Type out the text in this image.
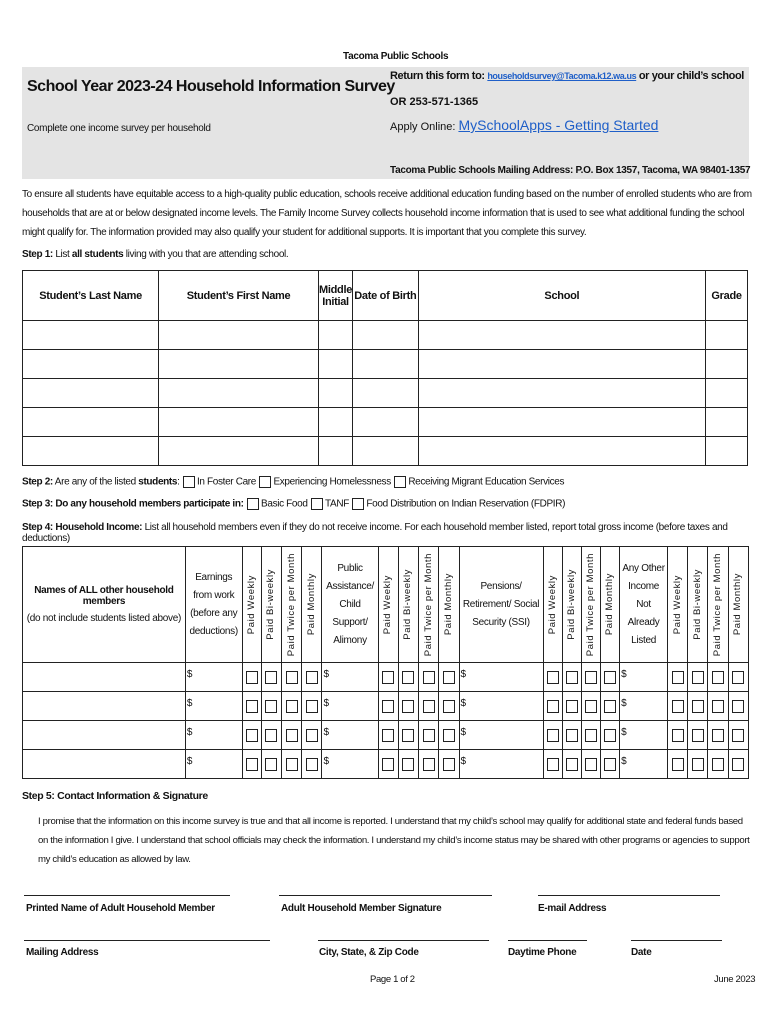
Tacoma Public Schools
School Year 2023-24 Household Information Survey
Complete one income survey per household
Return this form to: householdsurvey@Tacoma.k12.wa.us or your child’s school
OR 253-571-1365
Apply Online: MySchoolApps - Getting Started
Tacoma Public Schools Mailing Address: P.O. Box 1357, Tacoma, WA 98401-1357
To ensure all students have equitable access to a high-quality public education, schools receive additional education funding based on the number of enrolled students who are from households that are at or below designated income levels. The Family Income Survey collects household income information that is used to see what additional funding the school might qualify for. The information provided may also qualify your student for additional supports. It is important that you complete this survey.
Step 1: List all students living with you that are attending school.
Student’s Last Name	Student’s First Name	Middle Initial	Date of Birth	School	Grade

Step 2: Are any of the listed students: In Foster Care Experiencing Homelessness Receiving Migrant Education Services
Step 3: Do any household members participate in: Basic Food TANF Food Distribution on Indian Reservation (FDPIR)
Step 4: Household Income: List all household members even if they do not receive income. For each household member listed, report total gross income (before taxes and deductions)
Names of ALL other household members
(do not include students listed above)	Earnings from work (before any deductions)	Paid Weekly	Paid Bi-weekly	Paid Twice per Month	Paid Monthly	Public Assistance/ Child Support/ Alimony	Paid Weekly	Paid Bi-weekly	Paid Twice per Month	Paid Monthly	Pensions/ Retirement/ Social Security (SSI)	Paid Weekly	Paid Bi-weekly	Paid Twice per Month	Paid Monthly	Any Other Income Not Already Listed	Paid Weekly	Paid Bi-weekly	Paid Twice per Month	Paid Monthly

	$					$					$					$	

	$					$					$					$	

	$					$					$					$	

	$					$					$					$	

Step 5: Contact Information & Signature
I promise that the information on this income survey is true and that all income is reported. I understand that my child’s school may qualify for additional state and federal funds based on the information I give. I understand that school officials may check the information. I understand my child’s income status may be shared with other programs or agencies to support my child’s education as allowed by law.
Printed Name of Adult Household Member	Adult Household Member Signature	E-mail Address
Mailing Address	City, State, & Zip Code	Daytime Phone	Date
Page 1 of 2	June 2023
